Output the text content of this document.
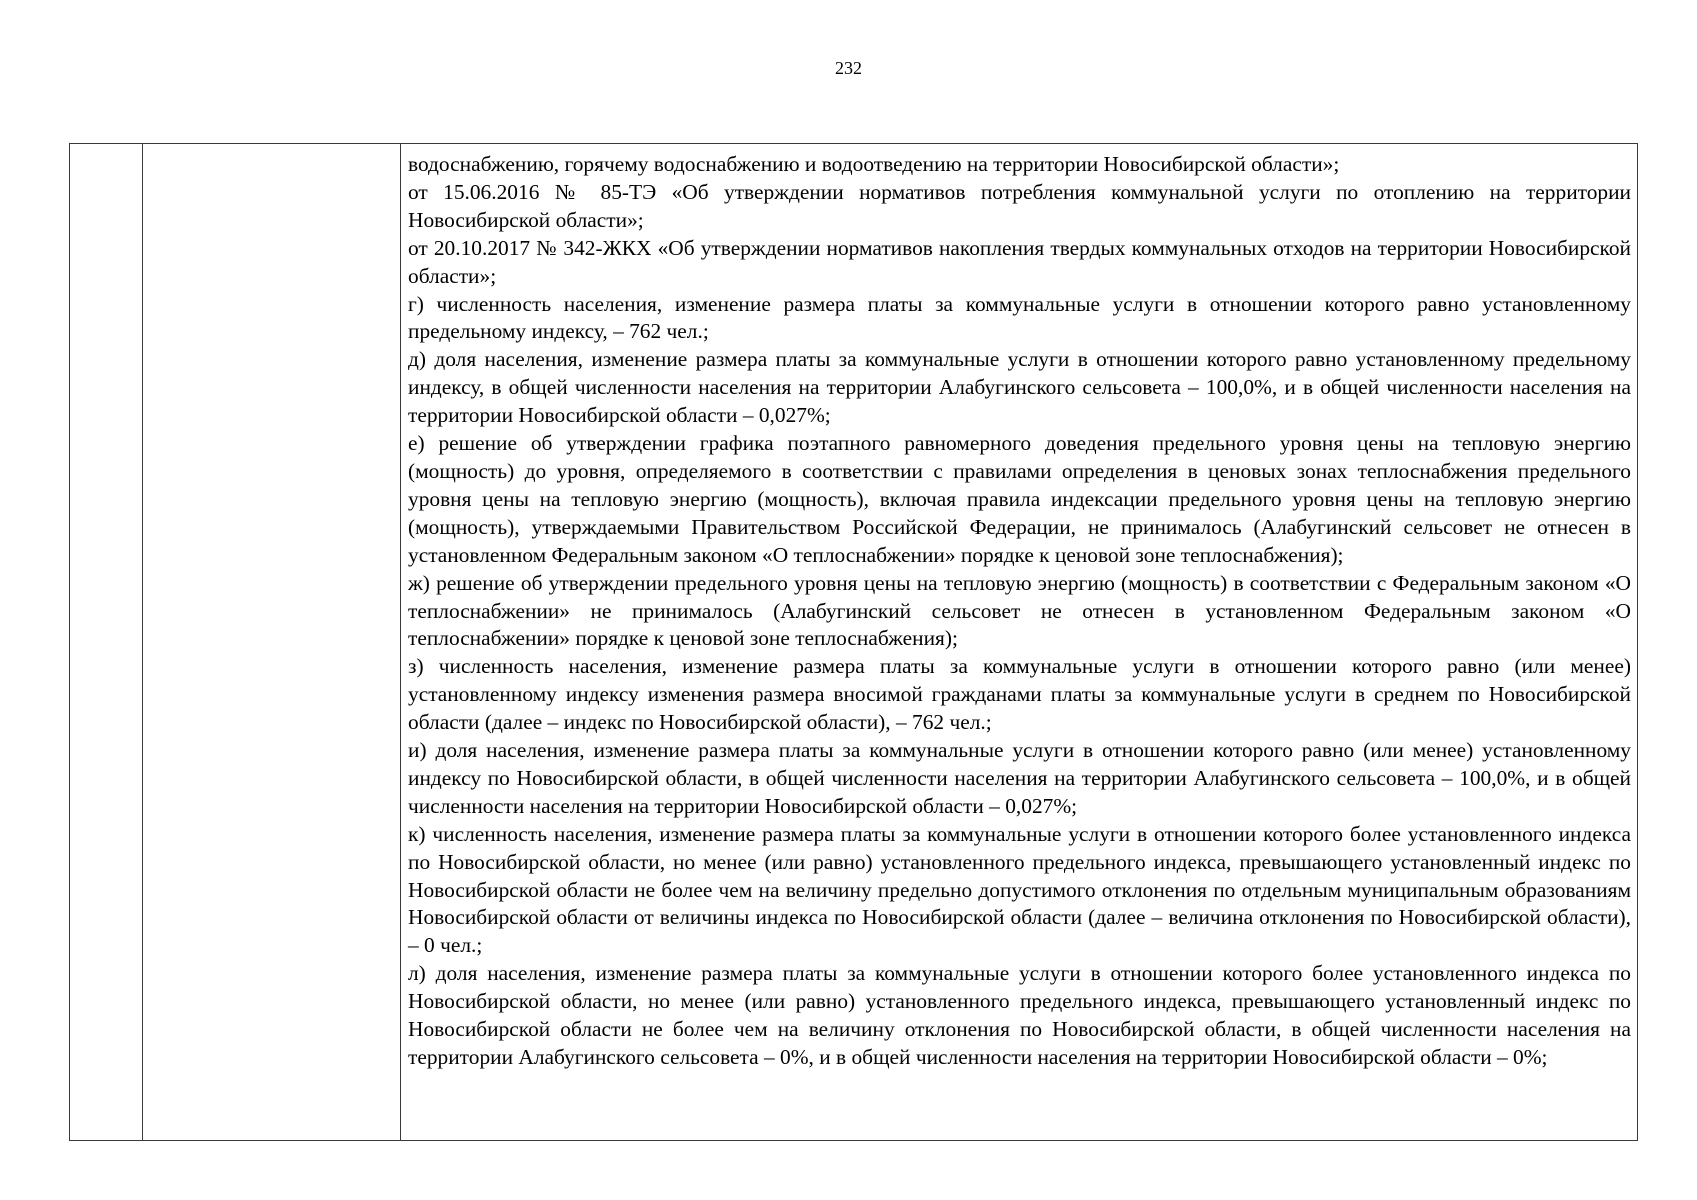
232

водоснабжению, горячему водоснабжению и водоотведению на территории Новосибирской области»;

от 15.06.2016 № 85-ТЭ «Об утверждении нормативов потребления коммунальной услуги по отоплению на территории Новосибирской области»;

от 20.10.2017 № 342-ЖКХ «Об утверждении нормативов накопления твердых коммунальных отходов на территории Новосибирской области»;

г) численность населения, изменение размера платы за коммунальные услуги в отношении которого равно установленному предельному индексу, – 762 чел.;

д) доля населения, изменение размера платы за коммунальные услуги в отношении которого равно установленному предельному индексу, в общей численности населения на территории Алабугинского сельсовета – 100,0%, и в общей численности населения на территории Новосибирской области – 0,027%;

е) решение об утверждении графика поэтапного равномерного доведения предельного уровня цены на тепловую энергию (мощность) до уровня, определяемого в соответствии с правилами определения в ценовых зонах теплоснабжения предельного уровня цены на тепловую энергию (мощность), включая правила индексации предельного уровня цены на тепловую энергию (мощность), утверждаемыми Правительством Российской Федерации, не принималось (Алабугинский сельсовет не отнесен в установленном Федеральным законом «О теплоснабжении» порядке к ценовой зоне теплоснабжения);

ж) решение об утверждении предельного уровня цены на тепловую энергию (мощность) в соответствии с Федеральным законом «О теплоснабжении» не принималось (Алабугинский сельсовет не отнесен в установленном Федеральным законом «О теплоснабжении» порядке к ценовой зоне теплоснабжения);

з) численность населения, изменение размера платы за коммунальные услуги в отношении которого равно (или менее) установленному индексу изменения размера вносимой гражданами платы за коммунальные услуги в среднем по Новосибирской области (далее – индекс по Новосибирской области), – 762 чел.;

и) доля населения, изменение размера платы за коммунальные услуги в отношении которого равно (или менее) установленному индексу по Новосибирской области, в общей численности населения на территории Алабугинского сельсовета – 100,0%, и в общей численности населения на территории Новосибирской области – 0,027%;

к) численность населения, изменение размера платы за коммунальные услуги в отношении которого более установленного индекса по Новосибирской области, но менее (или равно) установленного предельного индекса, превышающего установленный индекс по Новосибирской области не более чем на величину предельно допустимого отклонения по отдельным муниципальным образованиям Новосибирской области от величины индекса по Новосибирской области (далее – величина отклонения по Новосибирской области), – 0 чел.;

л) доля населения, изменение размера платы за коммунальные услуги в отношении которого более установленного индекса по Новосибирской области, но менее (или равно) установленного предельного индекса, превышающего установленный индекс по Новосибирской области не более чем на величину отклонения по Новосибирской области, в общей численности населения на территории Алабугинского сельсовета – 0%, и в общей численности населения на территории Новосибирской области – 0%;
